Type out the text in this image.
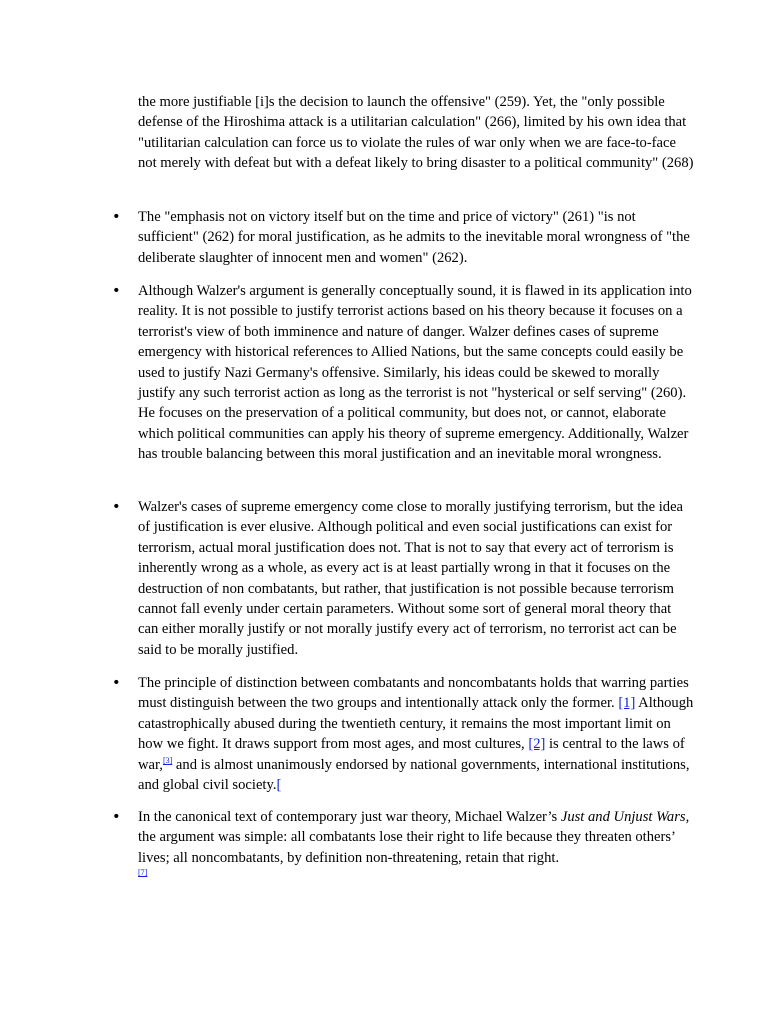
the more justifiable [i]s the decision to launch the offensive" (259). Yet, the "only possible defense of the Hiroshima attack is a utilitarian calculation" (266), limited by his own idea that "utilitarian calculation can force us to violate the rules of war only when we are face-to-face not merely with defeat but with a defeat likely to bring disaster to a political community" (268)

• The "emphasis not on victory itself but on the time and price of victory" (261) "is not sufficient" (262) for moral justification, as he admits to the inevitable moral wrongness of "the deliberate slaughter of innocent men and women" (262).

• Although Walzer's argument is generally conceptually sound, it is flawed in its application into reality. It is not possible to justify terrorist actions based on his theory because it focuses on a terrorist's view of both imminence and nature of danger. Walzer defines cases of supreme emergency with historical references to Allied Nations, but the same concepts could easily be used to justify Nazi Germany's offensive. Similarly, his ideas could be skewed to morally justify any such terrorist action as long as the terrorist is not "hysterical or self serving" (260). He focuses on the preservation of a political community, but does not, or cannot, elaborate which political communities can apply his theory of supreme emergency. Additionally, Walzer has trouble balancing between this moral justification and an inevitable moral wrongness.

• Walzer's cases of supreme emergency come close to morally justifying terrorism, but the idea of justification is ever elusive. Although political and even social justifications can exist for terrorism, actual moral justification does not. That is not to say that every act of terrorism is inherently wrong as a whole, as every act is at least partially wrong in that it focuses on the destruction of non combatants, but rather, that justification is not possible because terrorism cannot fall evenly under certain parameters. Without some sort of general moral theory that can either morally justify or not morally justify every act of terrorism, no terrorist act can be said to be morally justified.

• The principle of distinction between combatants and noncombatants holds that warring parties must distinguish between the two groups and intentionally attack only the former. [1] Although catastrophically abused during the twentieth century, it remains the most important limit on how we fight. It draws support from most ages, and most cultures, [2] is central to the laws of war,[3] and is almost unanimously endorsed by national governments, international institutions, and global civil society.[

• In the canonical text of contemporary just war theory, Michael Walzer’s Just and Unjust Wars, the argument was simple: all combatants lose their right to life because they threaten others’ lives; all noncombatants, by definition non-threatening, retain that right.

[7]
